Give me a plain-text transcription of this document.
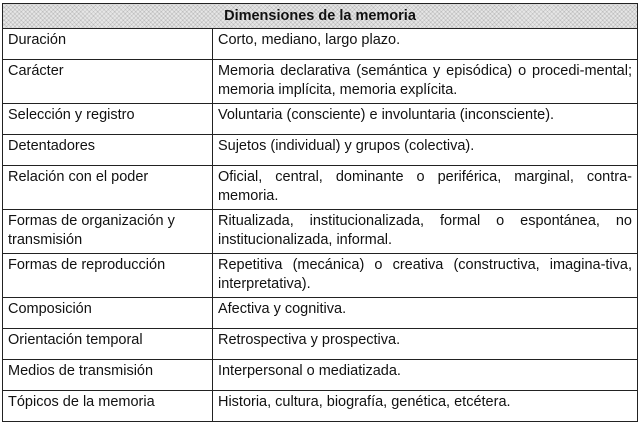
Dimensiones de la memoria	
Duración	Corto, mediano, largo plazo.
Carácter	Memoria declarativa (semántica y episódica) o procedi-mental; memoria implícita, memoria explícita.
Selección y registro	Voluntaria (consciente) e involuntaria (inconsciente).
Detentadores	Sujetos (individual) y grupos (colectiva).
Relación con el poder	Oficial, central, dominante o periférica, marginal, contra-memoria.
Formas de organización y transmisión	Ritualizada, institucionalizada, formal o espontánea, no institucionalizada, informal.
Formas de reproducción	Repetitiva (mecánica) o creativa (constructiva, imagina-tiva, interpretativa).
Composición	Afectiva y cognitiva.
Orientación temporal	Retrospectiva y prospectiva.
Medios de transmisión	Interpersonal o mediatizada.
Tópicos de la memoria	Historia, cultura, biografía, genética, etcétera.
